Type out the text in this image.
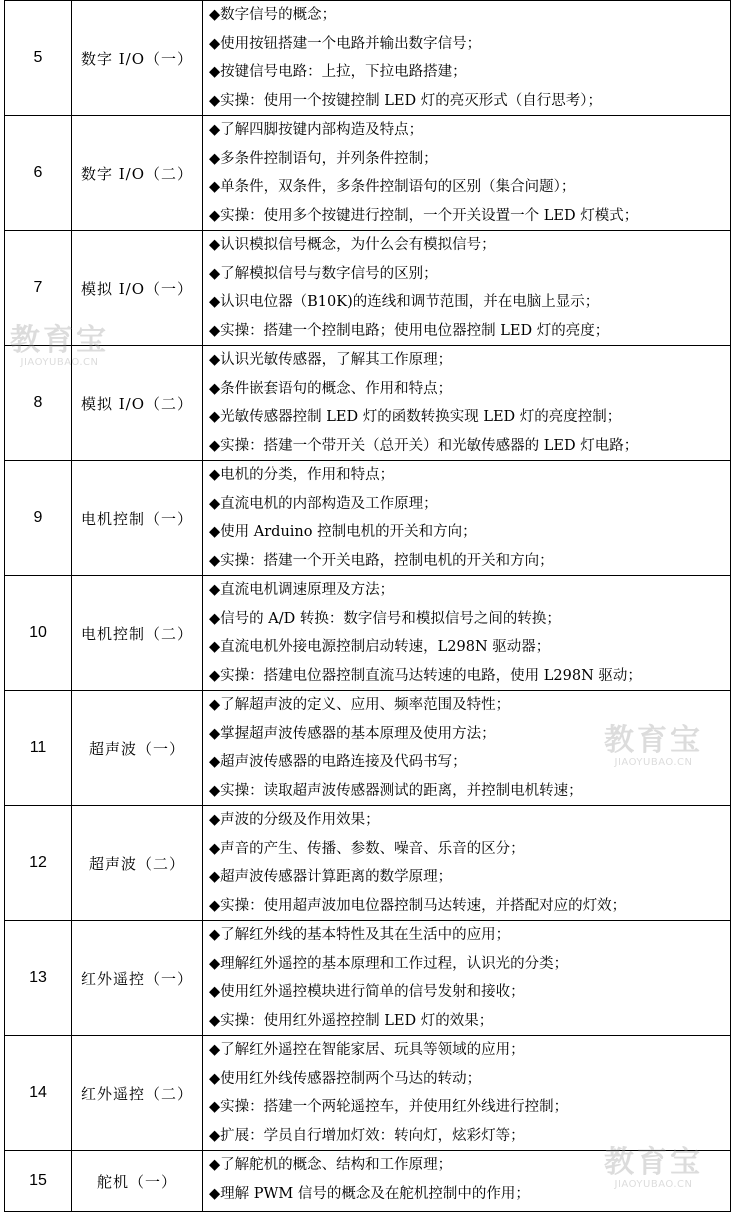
5	数字 I/O（一）	◆数字信号的概念；
◆使用按钮搭建一个电路并输出数字信号；
◆按键信号电路：上拉，下拉电路搭建；
◆实操：使用一个按键控制 LED 灯的亮灭形式（自行思考）；

6	数字 I/O（二）	◆了解四脚按键内部构造及特点；
◆多条件控制语句，并列条件控制；
◆单条件，双条件，多条件控制语句的区别（集合问题）；
◆实操：使用多个按键进行控制，一个开关设置一个 LED 灯模式；

7	模拟 I/O（一）	◆认识模拟信号概念，为什么会有模拟信号；
◆了解模拟信号与数字信号的区别；
◆认识电位器（B10K)的连线和调节范围，并在电脑上显示；
◆实操：搭建一个控制电路；使用电位器控制 LED 灯的亮度；

8	模拟 I/O（二）	◆认识光敏传感器，了解其工作原理；
◆条件嵌套语句的概念、作用和特点；
◆光敏传感器控制 LED 灯的函数转换实现 LED 灯的亮度控制；
◆实操：搭建一个带开关（总开关）和光敏传感器的 LED 灯电路；

9	电机控制（一）	◆电机的分类，作用和特点；
◆直流电机的内部构造及工作原理；
◆使用 Arduino 控制电机的开关和方向；
◆实操：搭建一个开关电路，控制电机的开关和方向；

10	电机控制（二）	◆直流电机调速原理及方法；
◆信号的 A/D 转换：数字信号和模拟信号之间的转换；
◆直流电机外接电源控制启动转速，L298N 驱动器；
◆实操：搭建电位器控制直流马达转速的电路，使用 L298N 驱动；

11	超声波（一）	◆了解超声波的定义、应用、频率范围及特性；
◆掌握超声波传感器的基本原理及使用方法；
◆超声波传感器的电路连接及代码书写；
◆实操：读取超声波传感器测试的距离，并控制电机转速；

12	超声波（二）	◆声波的分级及作用效果；
◆声音的产生、传播、参数、噪音、乐音的区分；
◆超声波传感器计算距离的数学原理；
◆实操：使用超声波加电位器控制马达转速，并搭配对应的灯效；

13	红外遥控（一）	◆了解红外线的基本特性及其在生活中的应用；
◆理解红外遥控的基本原理和工作过程，认识光的分类；
◆使用红外遥控模块进行简单的信号发射和接收；
◆实操：使用红外遥控控制 LED 灯的效果；

14	红外遥控（二）	◆了解红外遥控在智能家居、玩具等领域的应用；
◆使用红外线传感器控制两个马达的转动；
◆实操：搭建一个两轮遥控车，并使用红外线进行控制；
◆扩展：学员自行增加灯效：转向灯，炫彩灯等；

15	舵机（一）	◆了解舵机的概念、结构和工作原理；
◆理解 PWM 信号的概念及在舵机控制中的作用；
教育宝
JIAOYUBAO.CN
教育宝
JIAOYUBAO.CN
教育宝
JIAOYUBAO.CN
